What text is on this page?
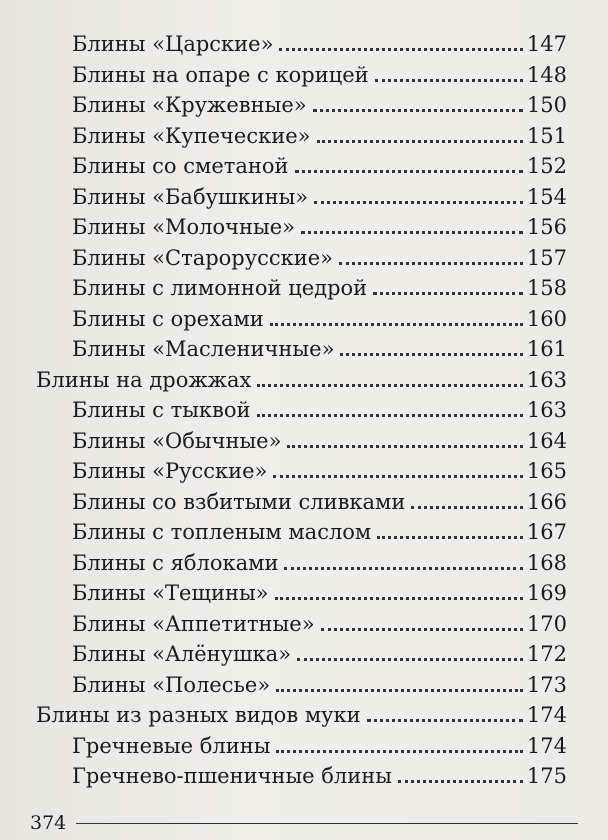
Блины «Царские»	147
Блины на опаре с корицей	148
Блины «Кружевные»	150
Блины «Купеческие»	151
Блины со сметаной	152
Блины «Бабушкины»	154
Блины «Молочные»	156
Блины «Старорусские»	157
Блины с лимонной цедрой	158
Блины с орехами	160
Блины «Масленичные»	161
Блины на дрожжах	163
Блины с тыквой	163
Блины «Обычные»	164
Блины «Русские»	165
Блины со взбитыми сливками	166
Блины с топленым маслом	167
Блины с яблоками	168
Блины «Тещины»	169
Блины «Аппетитные»	170
Блины «Алёнушка»	172
Блины «Полесье»	173
Блины из разных видов муки	174
Гречневые блины	174
Гречнево-пшеничные блины	175
374
